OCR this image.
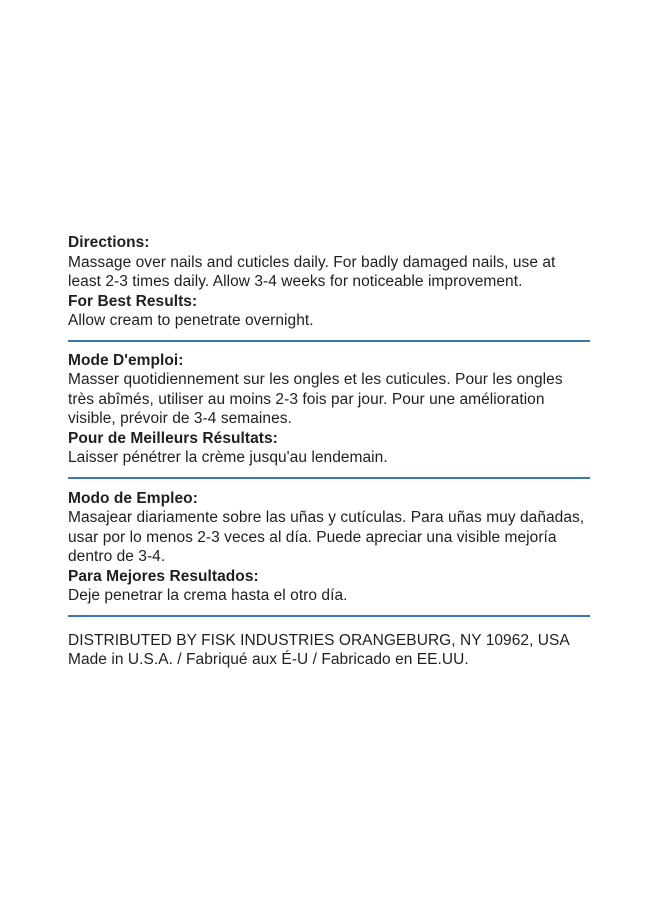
Directions:
Massage over nails and cuticles daily. For badly damaged nails, use at least 2-3 times daily. Allow 3-4 weeks for noticeable improvement.
For Best Results:
Allow cream to penetrate overnight.
Mode D'emploi:
Masser quotidiennement sur les ongles et les cuticules. Pour les ongles très abîmés, utiliser au moins 2-3 fois par jour. Pour une amélioration visible, prévoir de 3-4 semaines.
Pour de Meilleurs Résultats:
Laisser pénétrer la crème jusqu'au lendemain.
Modo de Empleo:
Masajear diariamente sobre las uñas y cutículas. Para uñas muy dañadas, usar por lo menos 2-3 veces al día. Puede apreciar una visible mejoría dentro de 3-4.
Para Mejores Resultados:
Deje penetrar la crema hasta el otro día.
DISTRIBUTED BY FISK INDUSTRIES ORANGEBURG, NY 10962, USA
Made in U.S.A. / Fabriqué aux É-U / Fabricado en EE.UU.
